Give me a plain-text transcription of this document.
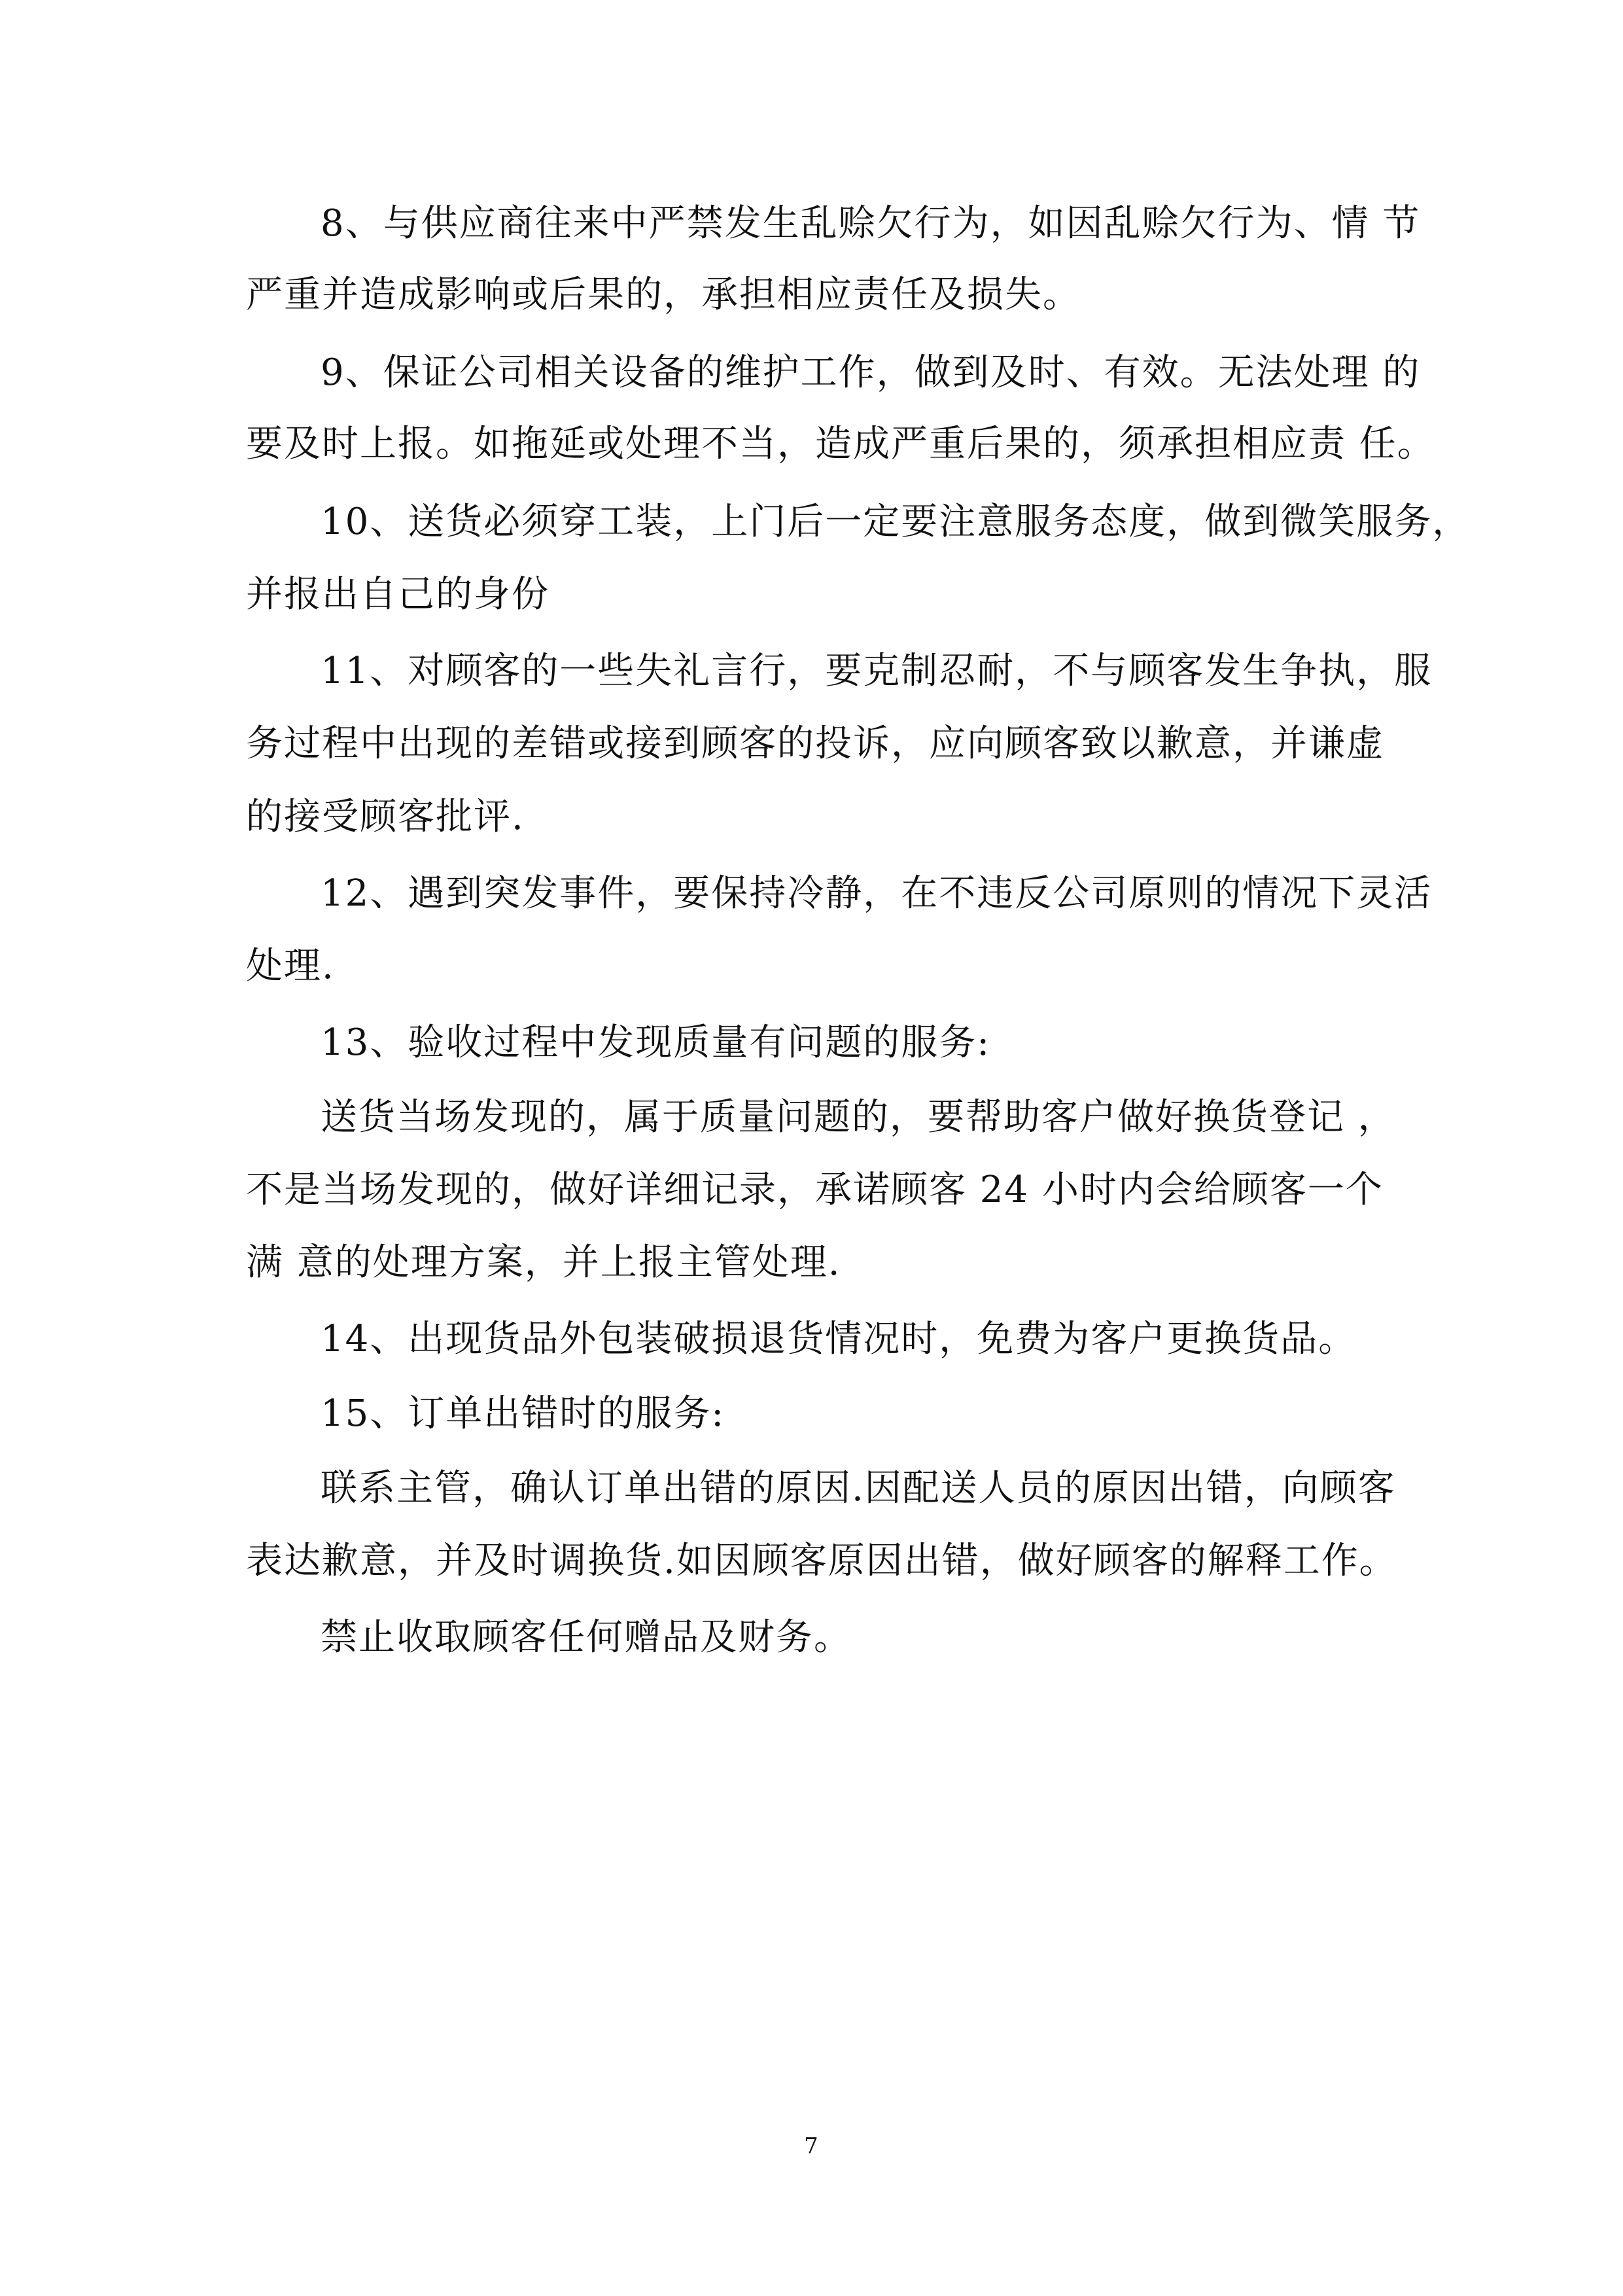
8、与供应商往来中严禁发生乱赊欠行为，如因乱赊欠行为、情 节
严重并造成影响或后果的，承担相应责任及损失。
9、保证公司相关设备的维护工作，做到及时、有效。无法处理 的
要及时上报。如拖延或处理不当，造成严重后果的，须承担相应责 任。
10、送货必须穿工装，上门后一定要注意服务态度，做到微笑服务，
并报出自己的身份
11、对顾客的一些失礼言行，要克制忍耐，不与顾客发生争执，服
务过程中出现的差错或接到顾客的投诉，应向顾客致以歉意，并谦虚
的接受顾客批评.
12、遇到突发事件，要保持冷静，在不违反公司原则的情况下灵活
处理.
13、验收过程中发现质量有问题的服务:
送货当场发现的，属于质量问题的，要帮助客户做好换货登记 ，
不是当场发现的，做好详细记录，承诺顾客 24 小时内会给顾客一个
满 意的处理方案，并上报主管处理.
14、出现货品外包装破损退货情况时，免费为客户更换货品。
15、订单出错时的服务:
联系主管，确认订单出错的原因.因配送人员的原因出错，向顾客
表达歉意，并及时调换货.如因顾客原因出错，做好顾客的解释工作。
禁止收取顾客任何赠品及财务。
7
